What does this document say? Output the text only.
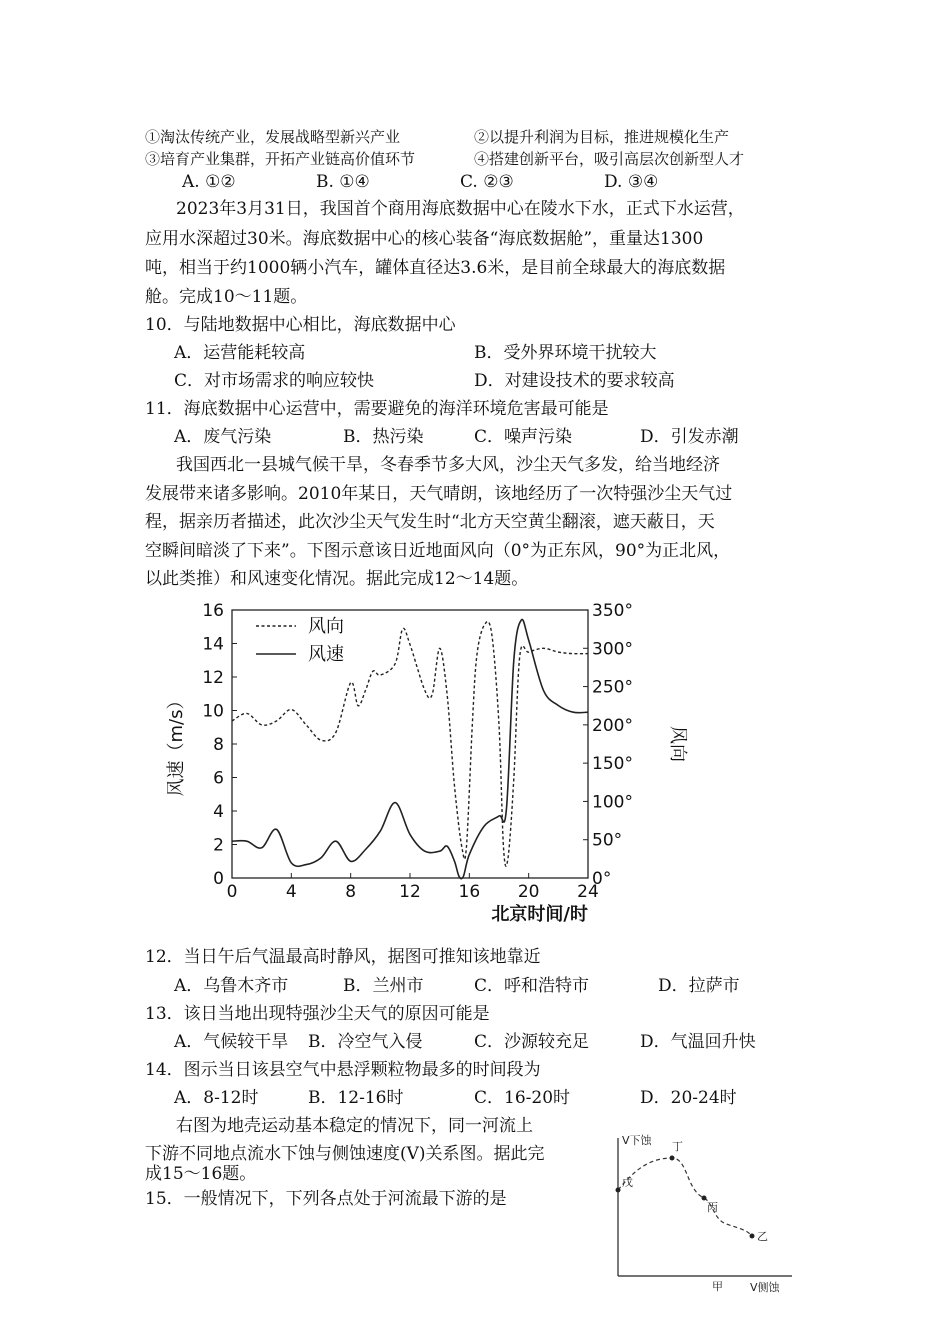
①淘汰传统产业，发展战略型新兴产业	②以提升利润为目标，推进规模化生产
③培育产业集群，开拓产业链高价值环节	④搭建创新平台，吸引高层次创新型人才
A. ①②	B. ①④	C. ②③	D. ③④
2023年3月31日，我国首个商用海底数据中心在陵水下水，正式下水运营，
应用水深超过30米。海底数据中心的核心装备“海底数据舱”，重量达1300
吨，相当于约1000辆小汽车，罐体直径达3.6米，是目前全球最大的海底数据
舱。完成10～11题。
10．与陆地数据中心相比，海底数据中心
A．运营能耗较高	B．受外界环境干扰较大
C．对市场需求的响应较快	D．对建设技术的要求较高
11．海底数据中心运营中，需要避免的海洋环境危害最可能是
A．废气污染	B．热污染	C．噪声污染	D．引发赤潮
我国西北一县城气候干旱，冬春季节多大风，沙尘天气多发，给当地经济
发展带来诸多影响。2010年某日，天气晴朗，该地经历了一次特强沙尘天气过
程，据亲历者描述，此次沙尘天气发生时“北方天空黄尘翻滚，遮天蔽日，天
空瞬间暗淡了下来”。下图示意该日近地面风向（0°为正东风，90°为正北风，
以此类推）和风速变化情况。据此完成12～14题。
0
2
4
6
8
10
12
14
16
0°
50°
100°
150°
200°
250°
300°
350°
0	4	8	12 16 20 24
风速（m/s）	风向
北京时间/时
风向
风速
12．当日午后气温最高时静风，据图可推知该地靠近
A．乌鲁木齐市	B．兰州市	C．呼和浩特市	D．拉萨市
13．该日当地出现特强沙尘天气的原因可能是
A．气候较干旱 B．冷空气入侵	C．沙源较充足	D．气温回升快
14．图示当日该县空气中悬浮颗粒物最多的时间段为
A．8-12时	B．12-16时	C．16-20时	D．20-24时
右图为地壳运动基本稳定的情况下，同一河流上
下游不同地点流水下蚀与侧蚀速度(V)关系图。据此完
成15～16题。
15．一般情况下，下列各点处于河流最下游的是
V下蚀
V侧蚀
戊
丁
丙
乙
甲
